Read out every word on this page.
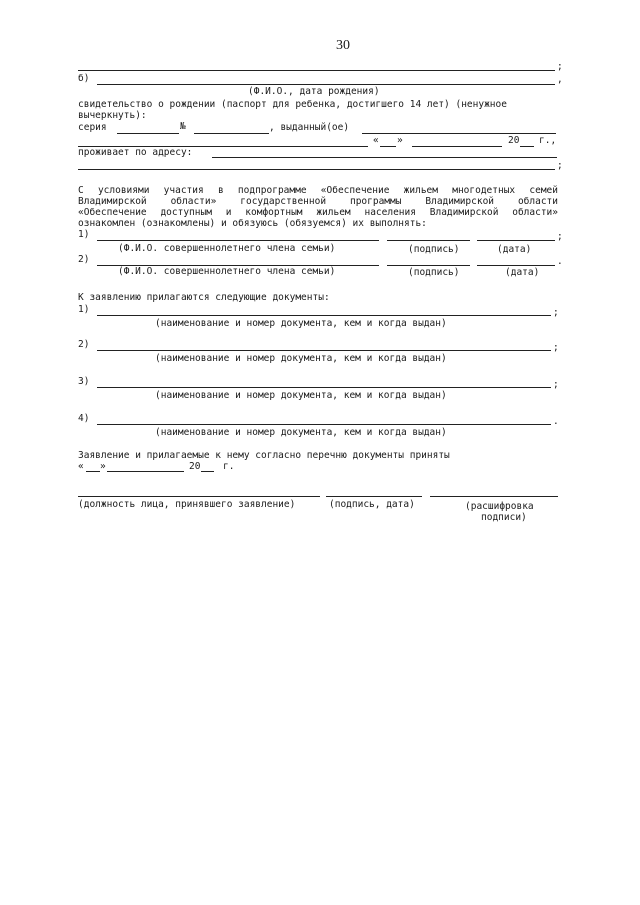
30
;
б)	,
(Ф.И.О., дата рождения)
свидетельство о рождении (паспорт для ребенка, достигшего 14 лет) (ненужное
вычеркнуть):
серия	№	, выданный(ое)
« »	20 г.,
проживает по адресу:
;
С условиями участия в подпрограмме «Обеспечение жильем многодетных семей
Владимирской области» государственной программы Владимирской области
«Обеспечение доступным и комфортным жильем населения Владимирской области»
ознакомлен (ознакомлены) и обязуюсь (обязуемся) их выполнять:
1)	;
(Ф.И.О. совершеннолетнего члена семьи)	(подпись)	(дата)
2)	.
(Ф.И.О. совершеннолетнего члена семьи)	(подпись)	(дата)
К заявлению прилагаются следующие документы:
1)	;
(наименование и номер документа, кем и когда выдан)
2)	;
(наименование и номер документа, кем и когда выдан)
3)	;
(наименование и номер документа, кем и когда выдан)
4)	.
(наименование и номер документа, кем и когда выдан)
Заявление и прилагаемые к нему согласно перечню документы приняты
« »	20 г.
(должность лица, принявшего заявление)	(подпись, дата)	(расшифровка
подписи)
